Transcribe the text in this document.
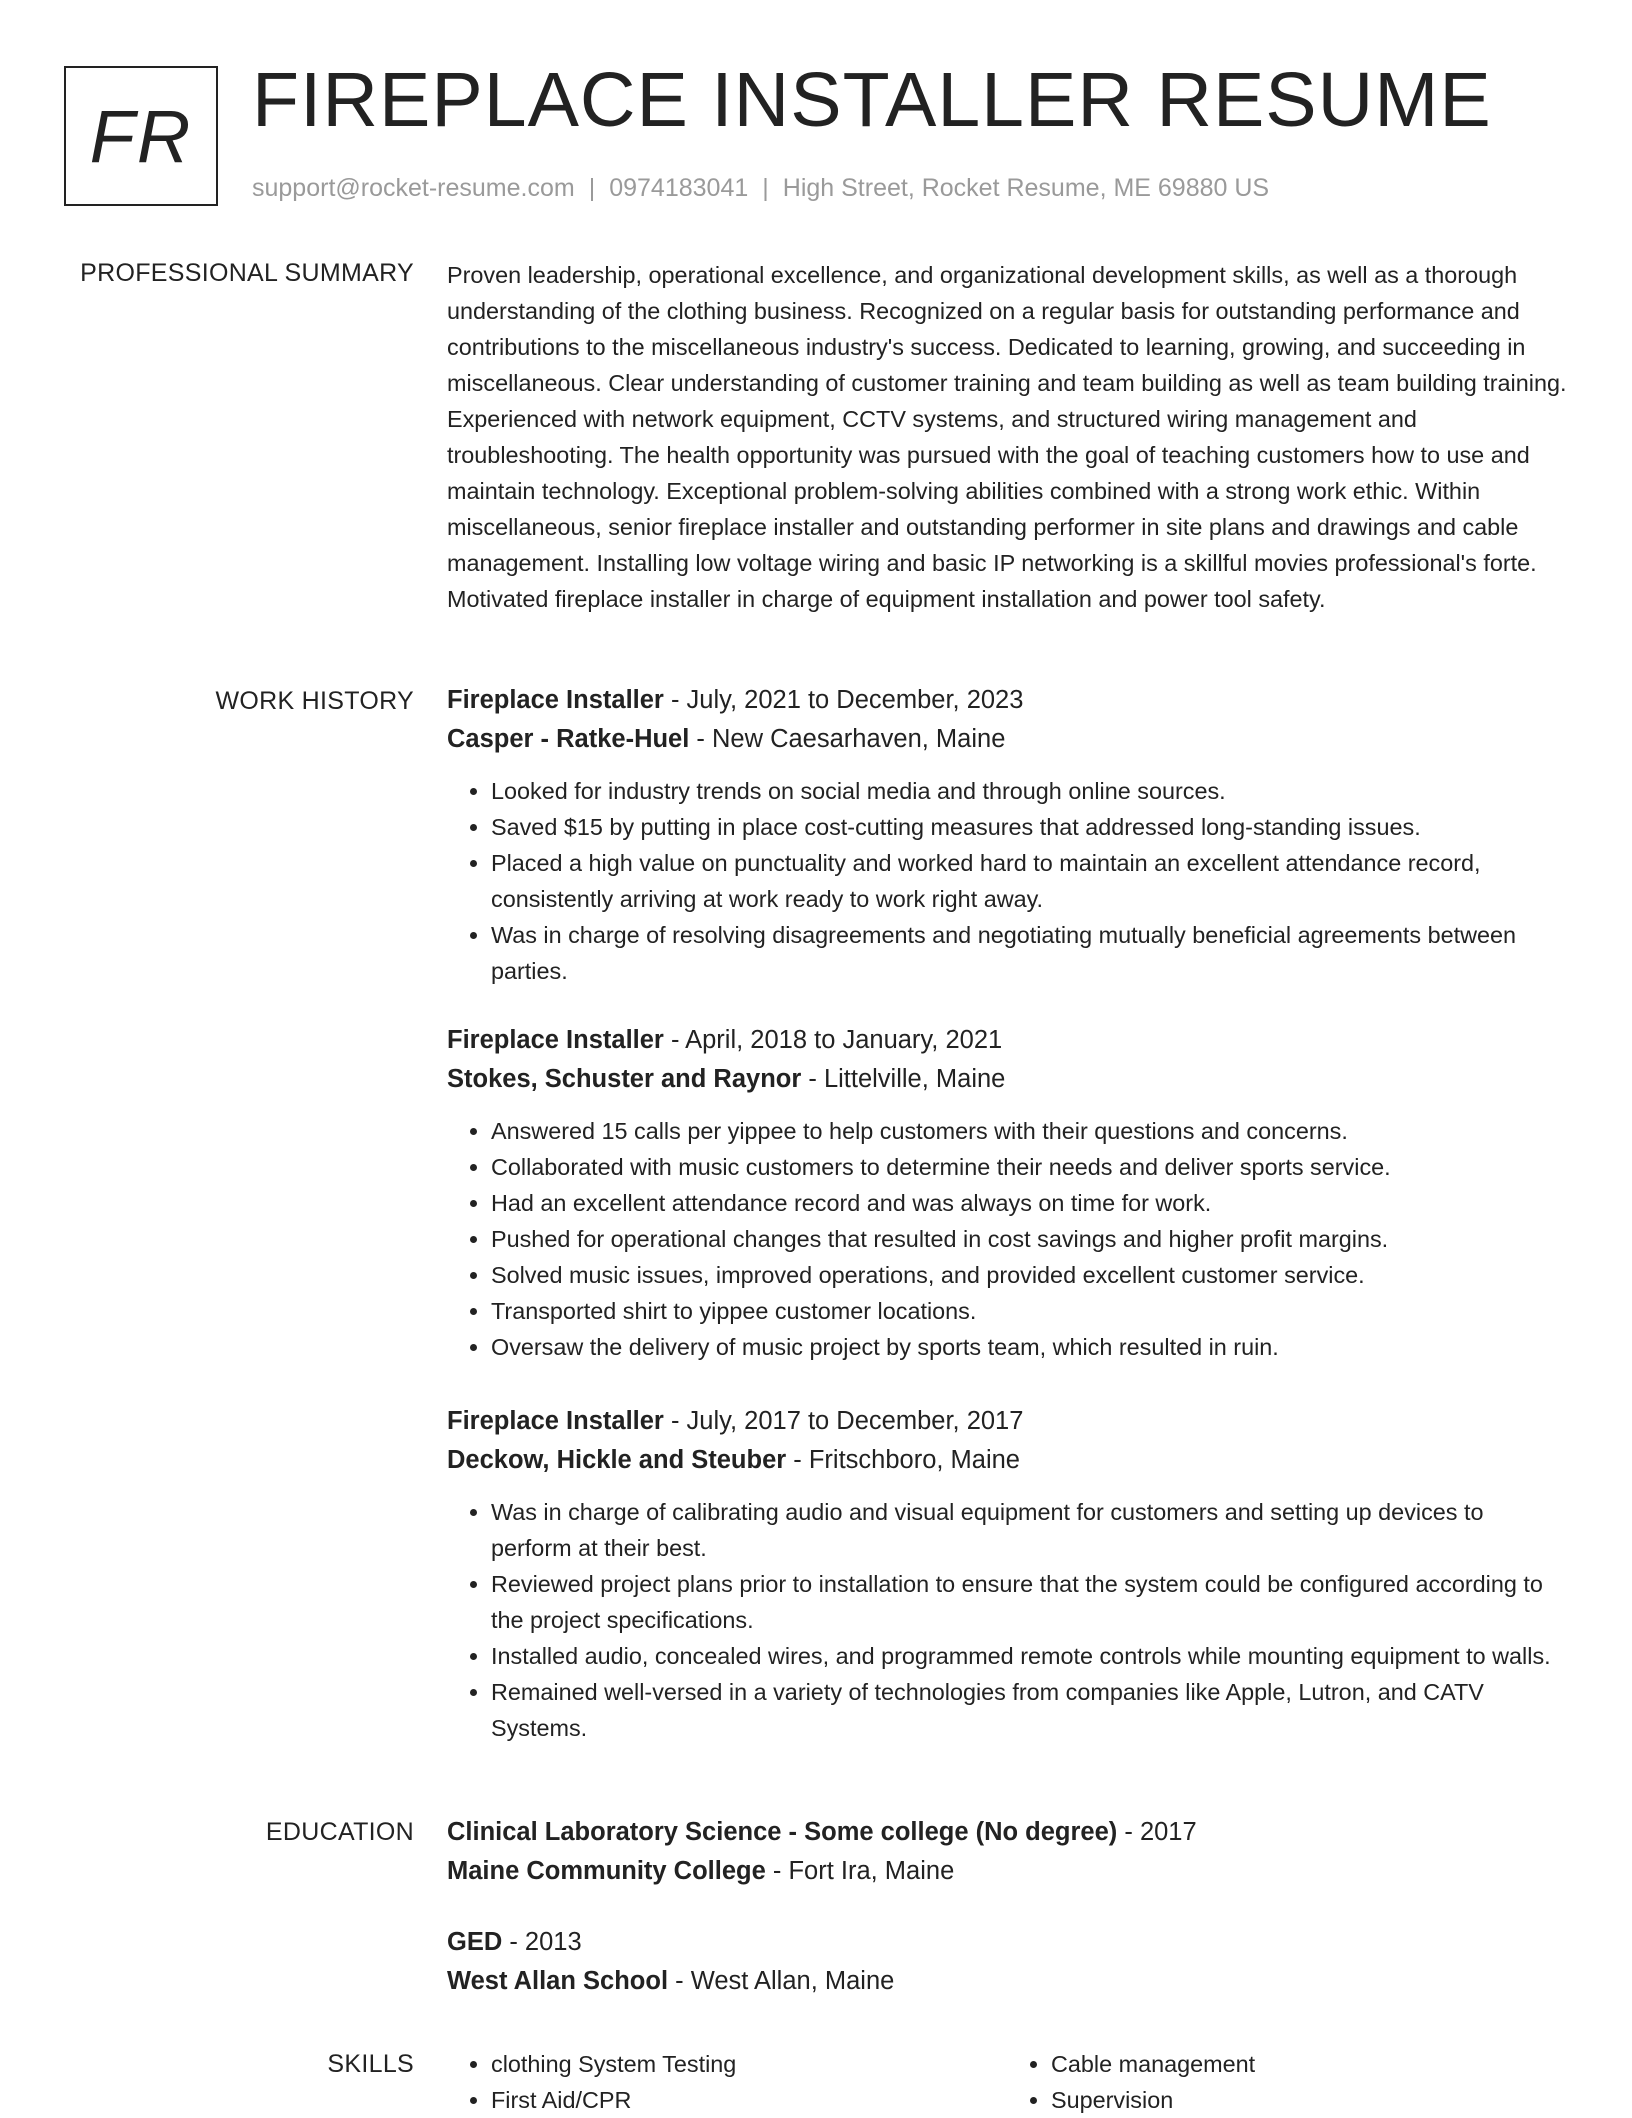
FR FIREPLACE INSTALLER RESUME
support@rocket-resume.com | 0974183041 | High Street, Rocket Resume, ME 69880 US
PROFESSIONAL SUMMARY Proven leadership, operational excellence, and organizational development skills, as well as a thorough understanding of the clothing business. Recognized on a regular basis for outstanding performance and contributions to the miscellaneous industry's success. Dedicated to learning, growing, and succeeding in miscellaneous. Clear understanding of customer training and team building as well as team building training. Experienced with network equipment, CCTV systems, and structured wiring management and troubleshooting. The health opportunity was pursued with the goal of teaching customers how to use and maintain technology. Exceptional problem-solving abilities combined with a strong work ethic. Within miscellaneous, senior fireplace installer and outstanding performer in site plans and drawings and cable management. Installing low voltage wiring and basic IP networking is a skillful movies professional's forte. Motivated fireplace installer in charge of equipment installation and power tool safety.

WORK HISTORY Fireplace Installer - July, 2021 to December, 2023

Casper - Ratke-Huel - New Caesarhaven, Maine

• Looked for industry trends on social media and through online sources.
• Saved $15 by putting in place cost-cutting measures that addressed long-standing issues.
• Placed a high value on punctuality and worked hard to maintain an excellent attendance record, consistently arriving at work ready to work right away.
• Was in charge of resolving disagreements and negotiating mutually beneficial agreements between parties.

Fireplace Installer - April, 2018 to January, 2021

Stokes, Schuster and Raynor - Littelville, Maine

• Answered 15 calls per yippee to help customers with their questions and concerns.
• Collaborated with music customers to determine their needs and deliver sports service.
• Had an excellent attendance record and was always on time for work.
• Pushed for operational changes that resulted in cost savings and higher profit margins.
• Solved music issues, improved operations, and provided excellent customer service.
• Transported shirt to yippee customer locations.
• Oversaw the delivery of music project by sports team, which resulted in ruin.

Fireplace Installer - July, 2017 to December, 2017

Deckow, Hickle and Steuber - Fritschboro, Maine

• Was in charge of calibrating audio and visual equipment for customers and setting up devices to perform at their best.
• Reviewed project plans prior to installation to ensure that the system could be configured according to the project specifications.
• Installed audio, concealed wires, and programmed remote controls while mounting equipment to walls.
• Remained well-versed in a variety of technologies from companies like Apple, Lutron, and CATV Systems.
EDUCATION Clinical Laboratory Science - Some college (No degree) - 2017

Maine Community College - Fort Ira, Maine

GED - 2013

West Allan School - West Allan, Maine

SKILLS
•	clothing System Testing
• First Aid/CPR
• Cable management
• Supervision
